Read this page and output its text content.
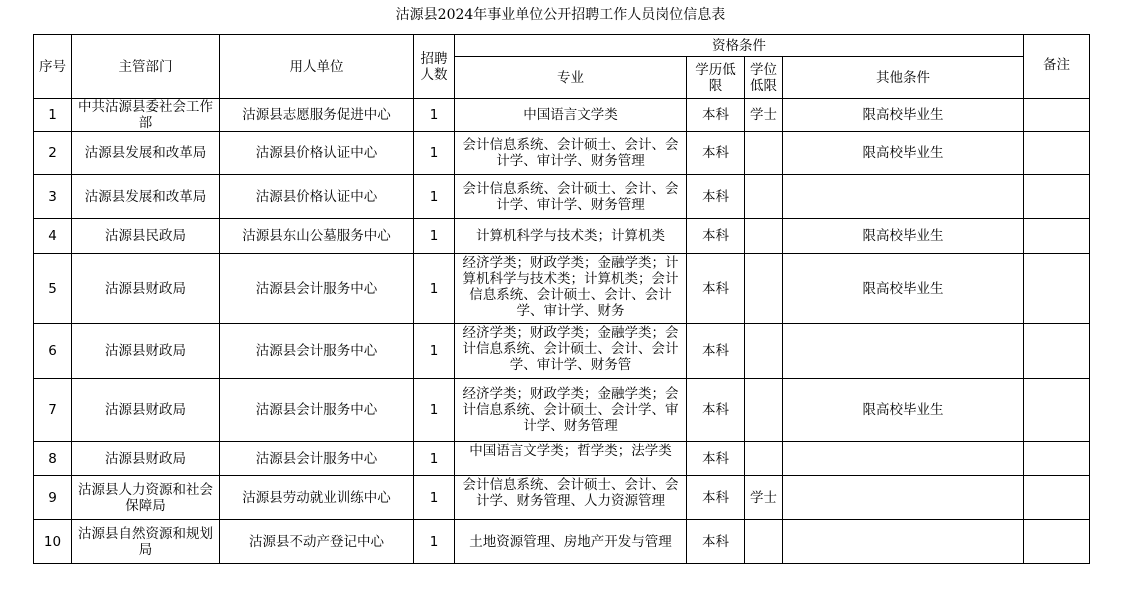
沽源县2024年事业单位公开招聘工作人员岗位信息表
序号	主管部门	用人单位	招聘人数	资格条件				备注
				专业	学历低限	学位低限	其他条件	
1	中共沽源县委社会工作部	沽源县志愿服务促进中心	1	中国语言文学类	本科	学士	限高校毕业生	
2	沽源县发展和改革局	沽源县价格认证中心	1	会计信息系统、会计硕士、会计、会计学、审计学、财务管理	本科		限高校毕业生	
3	沽源县发展和改革局	沽源县价格认证中心	1	会计信息系统、会计硕士、会计、会计学、审计学、财务管理	本科			
4	沽源县民政局	沽源县东山公墓服务中心	1	计算机科学与技术类；计算机类	本科		限高校毕业生	
5	沽源县财政局	沽源县会计服务中心	1	经济学类；财政学类；金融学类；计算机科学与技术类；计算机类；会计信息系统、会计硕士、会计、会计学、审计学、财务	本科		限高校毕业生	
6	沽源县财政局	沽源县会计服务中心	1	经济学类；财政学类；金融学类；会计信息系统、会计硕士、会计、会计学、审计学、财务管	本科			
7	沽源县财政局	沽源县会计服务中心	1	经济学类；财政学类；金融学类；会计信息系统、会计硕士、会计学、审计学、财务管理	本科		限高校毕业生	
8	沽源县财政局	沽源县会计服务中心	1	中国语言文学类；哲学类；法学类	本科			
9	沽源县人力资源和社会保障局	沽源县劳动就业训练中心	1	会计信息系统、会计硕士、会计、会计学、财务管理、人力资源管理	本科	学士		
10	沽源县自然资源和规划局	沽源县不动产登记中心	1	土地资源管理、房地产开发与管理	本科			
